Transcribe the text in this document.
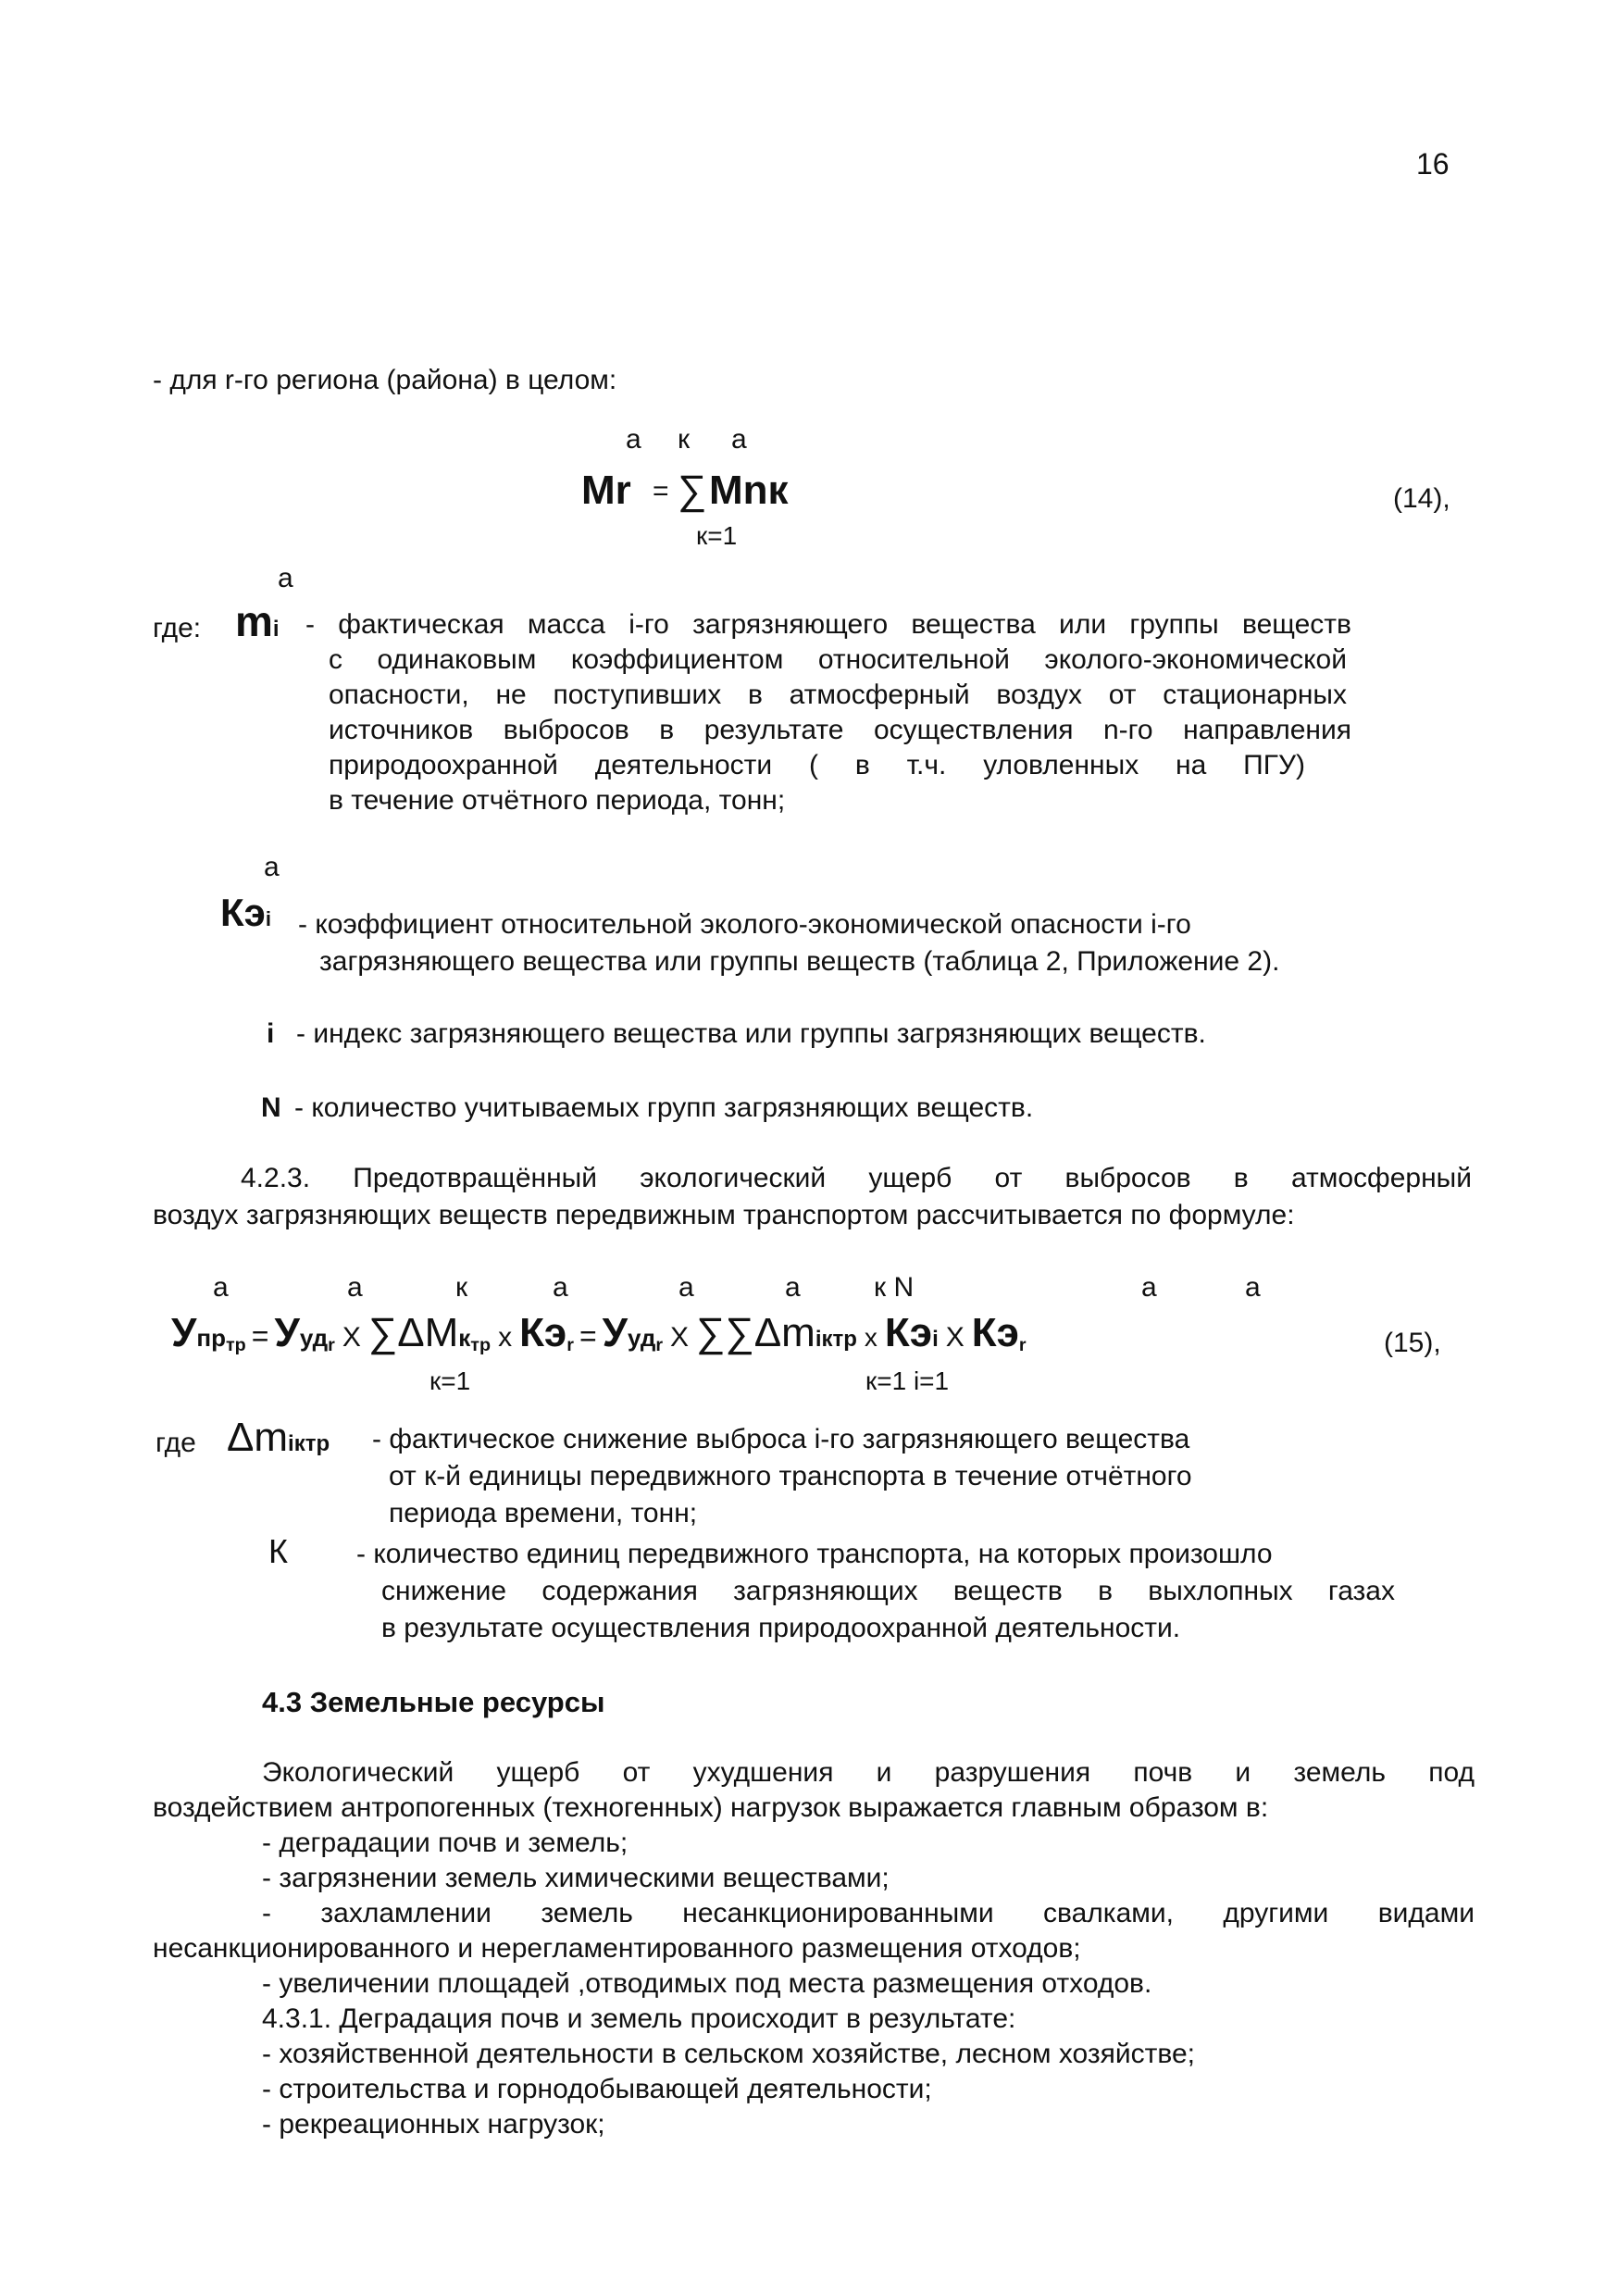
16
- для r-го региона (района) в целом:
a к a
Mr = ∑ Mnк
к=1
(14),
a
где: mi - фактическая масса i-го загрязняющего вещества или группы веществ
с одинаковым коэффициентом относительной эколого-экономической
опасности, не поступивших в атмосферный воздух от стационарных
источников выбросов в результате осуществления n-го направления
природоохранной деятельности ( в т.ч. уловленных на ПГУ)
в течение отчётного периода, тонн;
a
Кэi - коэффициент относительной эколого-экономической опасности i-го
загрязняющего вещества или группы веществ (таблица 2, Приложение 2).
i - индекс загрязняющего вещества или группы загрязняющих веществ.
N - количество учитываемых групп загрязняющих веществ.
4.2.3. Предотвращённый экологический ущерб от выбросов в атмосферный
воздух загрязняющих веществ передвижным транспортом рассчитывается по формуле:
a	a	к	a	a	a	к N	a	a
Упр$_{тр}$ = Ууд$_r$ X ∑ΔMк$_{тр}$ x $Кэ_r = Ууд_r$ X ∑∑Δmiктр x Кэi X $Кэ_r$
к=1	к=1 i=1
(15),
где Δmiктр - фактическое снижение выброса i-го загрязняющего вещества
от к-й единицы передвижного транспорта в течение отчётного
периода времени, тонн;
К - количество единиц передвижного транспорта, на которых произошло
снижение содержания загрязняющих веществ в выхлопных газах
в результате осуществления природоохранной деятельности.
4.3 Земельные ресурсы
Экологический ущерб от ухудшения и разрушения почв и земель под
воздействием антропогенных (техногенных) нагрузок выражается главным образом в:
- деградации почв и земель;
- загрязнении земель химическими веществами;
- захламлении земель несанкционированными свалками, другими видами
несанкционированного и нерегламентированного размещения отходов;
- увеличении площадей ,отводимых под места размещения отходов.
4.3.1. Деградация почв и земель происходит в результате:
- хозяйственной деятельности в сельском хозяйстве, лесном хозяйстве;
- строительства и горнодобывающей деятельности;
- рекреационных нагрузок;
